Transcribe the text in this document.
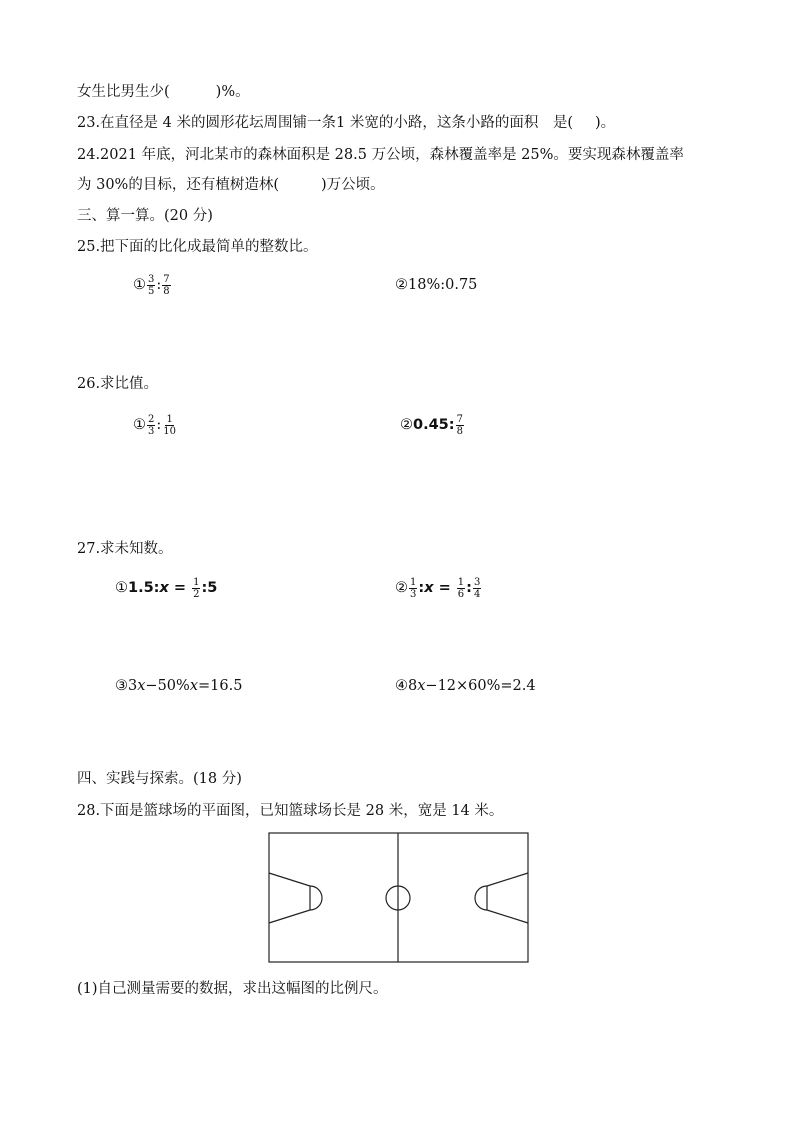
女生比男生少(	)%。
23.在直径是 4 米的圆形花坛周围铺一条1 米宽的小路，这条小路的面积　是( )。
24.2021 年底，河北某市的森林面积是 28.5 万公顷，森林覆盖率是 25%。要实现森林覆盖率
为 30%的目标，还有植树造林(	)万公顷。
三、算一算。(20 分)
25.把下面的比化成最简单的整数比。
① $\frac{3}{5}$ : $\frac{7}{8}$	② 18%:0.75
26.求比值。
① $\frac{2}{3}$ : $\frac{1}{10}$	② 0.45: $\frac{7}{8}$
27.求未知数。
① 1.5: $x = \frac{1}{2}$ :5	② $\frac{1}{3}$ : $x = \frac{1}{6}$ : $\frac{3}{4}$
③ 3 x −50% x =16.5	④ 8 x −12×60%=2.4
四、实践与探索。(18 分)
28.下面是篮球场的平面图，已知篮球场长是 28 米，宽是 14 米。
(1)自己测量需要的数据，求出这幅图的比例尺。
